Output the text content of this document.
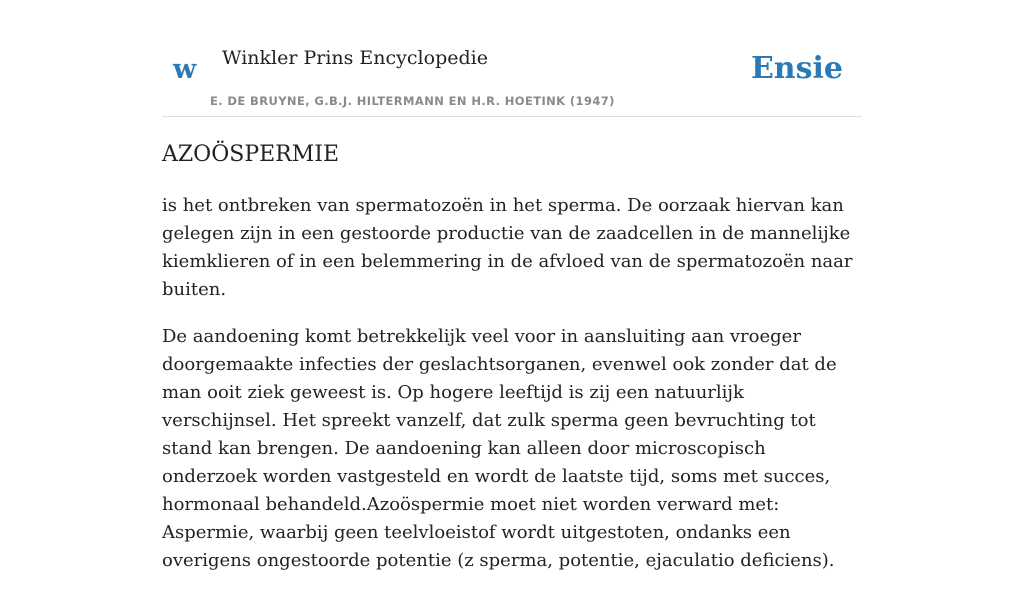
w Winkler Prins Encyclopedie
E. DE BRUYNE, G.B.J. HILTERMANN EN H.R. HOETINK (1947)
Ensie
AZOÖSPERMIE

is het ontbreken van spermatozoën in het sperma. De oorzaak hiervan kan gelegen zijn in een gestoorde productie van de zaadcellen in de mannelijke kiemklieren of in een belemmering in de afvloed van de spermatozoën naar buiten.

De aandoening komt betrekkelijk veel voor in aansluiting aan vroeger doorgemaakte infecties der geslachtsorganen, evenwel ook zonder dat de man ooit ziek geweest is. Op hogere leeftijd is zij een natuurlijk verschijnsel. Het spreekt vanzelf, dat zulk sperma geen bevruchting tot stand kan brengen. De aandoening kan alleen door microscopisch onderzoek worden vastgesteld en wordt de laatste tijd, soms met succes, hormonaal behandeld.Azoöspermie moet niet worden verward met: Aspermie, waarbij geen teelvloeistof wordt uitgestoten, ondanks een overigens ongestoorde potentie (z sperma, potentie, ejaculatio deficiens).
